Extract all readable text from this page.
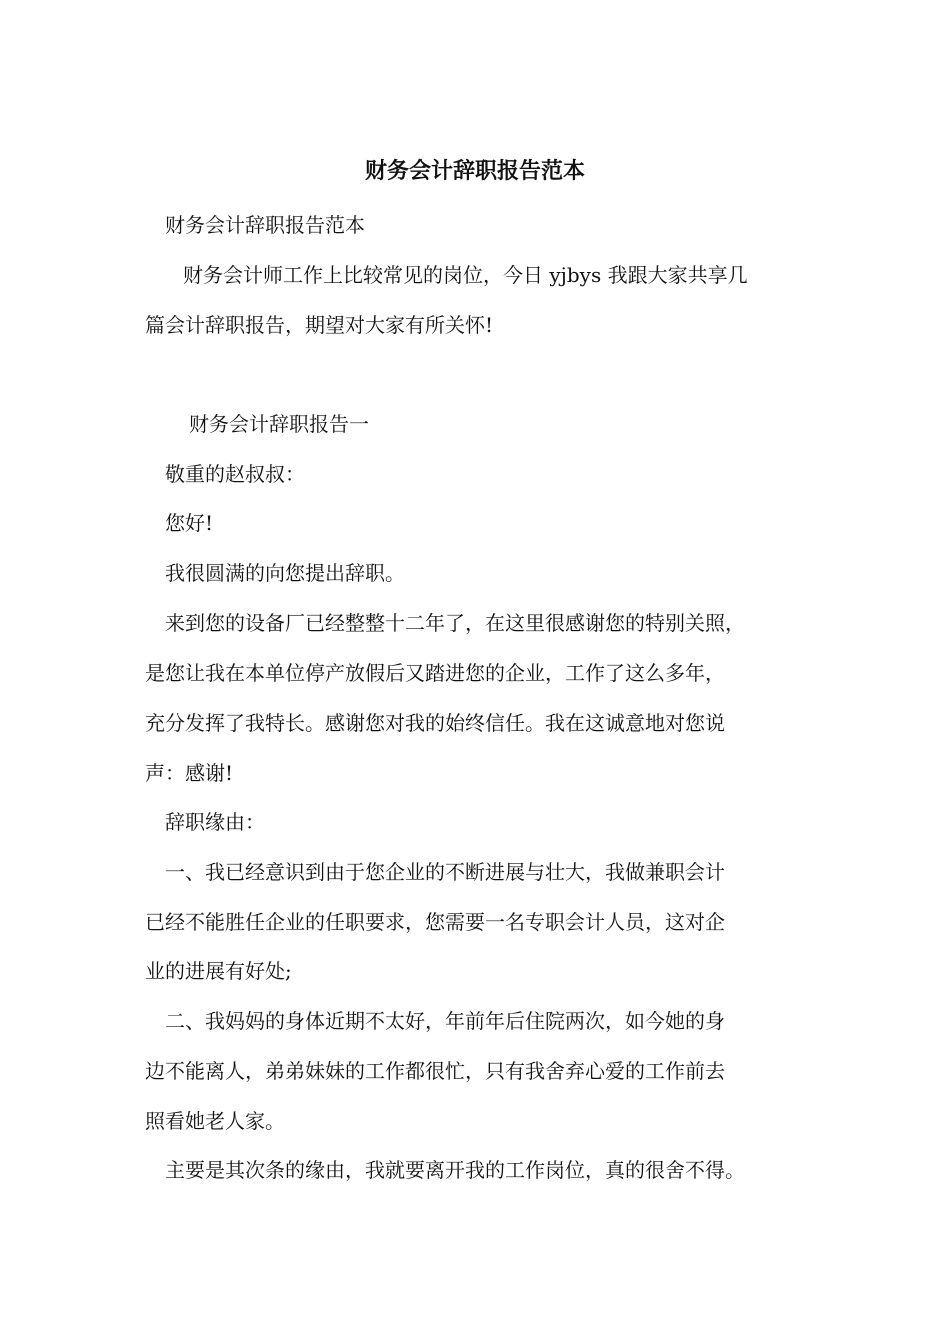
财务会计辞职报告范本
财务会计辞职报告范本
财务会计师工作上比较常见的岗位，今日 yjbys 我跟大家共享几
篇会计辞职报告，期望对大家有所关怀!
财务会计辞职报告一
敬重的赵叔叔：
您好!
我很圆满的向您提出辞职。
来到您的设备厂已经整整十二年了，在这里很感谢您的特别关照，
是您让我在本单位停产放假后又踏进您的企业，工作了这么多年，
充分发挥了我特长。感谢您对我的始终信任。我在这诚意地对您说
声：感谢!
辞职缘由：
一、我已经意识到由于您企业的不断进展与壮大，我做兼职会计
已经不能胜任企业的任职要求，您需要一名专职会计人员，这对企
业的进展有好处;
二、我妈妈的身体近期不太好，年前年后住院两次，如今她的身
边不能离人，弟弟妹妹的工作都很忙，只有我舍弃心爱的工作前去
照看她老人家。
主要是其次条的缘由，我就要离开我的工作岗位，真的很舍不得。
